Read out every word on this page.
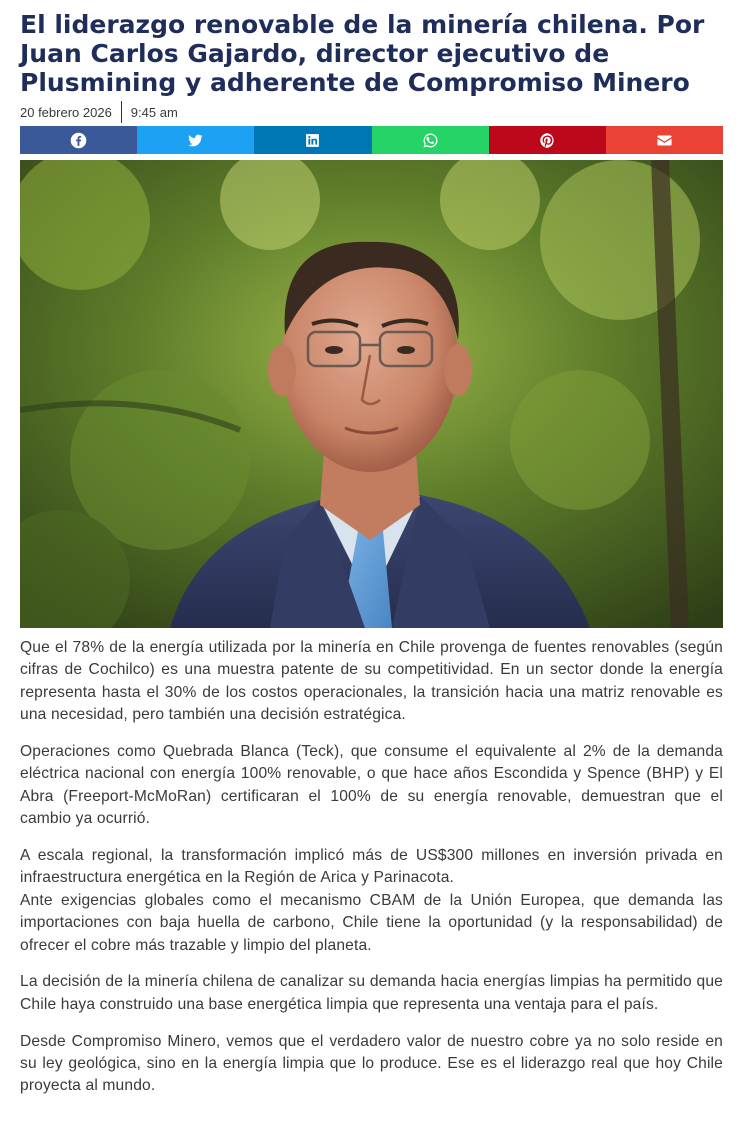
El liderazgo renovable de la minería chilena. Por Juan Carlos Gajardo, director ejecutivo de Plusmining y adherente de Compromiso Minero
20 febrero 2026 9:45 am

Que el 78% de la energía utilizada por la minería en Chile provenga de fuentes renovables (según cifras de Cochilco) es una muestra patente de su competitividad. En un sector donde la energía representa hasta el 30% de los costos operacionales, la transición hacia una matriz renovable es una necesidad, pero también una decisión estratégica.

Operaciones como Quebrada Blanca (Teck), que consume el equivalente al 2% de la demanda eléctrica nacional con energía 100% renovable, o que hace años Escondida y Spence (BHP) y El Abra (Freeport-McMoRan) certificaran el 100% de su energía renovable, demuestran que el cambio ya ocurrió.

A escala regional, la transformación implicó más de US$300 millones en inversión privada en infraestructura energética en la Región de Arica y Parinacota.

Ante exigencias globales como el mecanismo CBAM de la Unión Europea, que demanda las importaciones con baja huella de carbono, Chile tiene la oportunidad (y la responsabilidad) de ofrecer el cobre más trazable y limpio del planeta.

La decisión de la minería chilena de canalizar su demanda hacia energías limpias ha permitido que Chile haya construido una base energética limpia que representa una ventaja para el país.

Desde Compromiso Minero, vemos que el verdadero valor de nuestro cobre ya no solo reside en su ley geológica, sino en la energía limpia que lo produce. Ese es el liderazgo real que hoy Chile proyecta al mundo.
